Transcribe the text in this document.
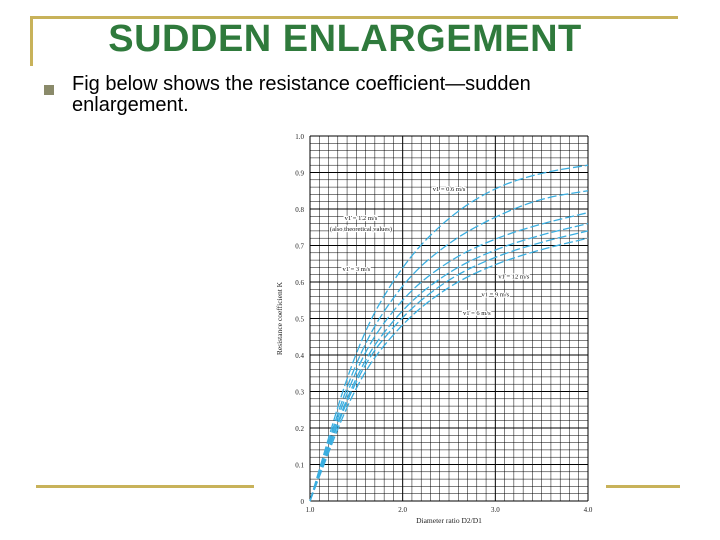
SUDDEN ENLARGEMENT
Fig below shows the resistance coefficient—sudden enlargement.
0
0.1
0.2
0.3
0.4
0.5
0.6
0.7
0.8
0.9
1.0
1.0	2.0	3.0	4.0
Diameter ratio D2/D1
Resistance coefficient K
v1 = 0.6 m/s
v1 = 1.2 m/s
(also theoretical values)
v1 = 3 m/s
v1 = 12 m/s
v1 = 9 m/s
v1 = 6 m/s
